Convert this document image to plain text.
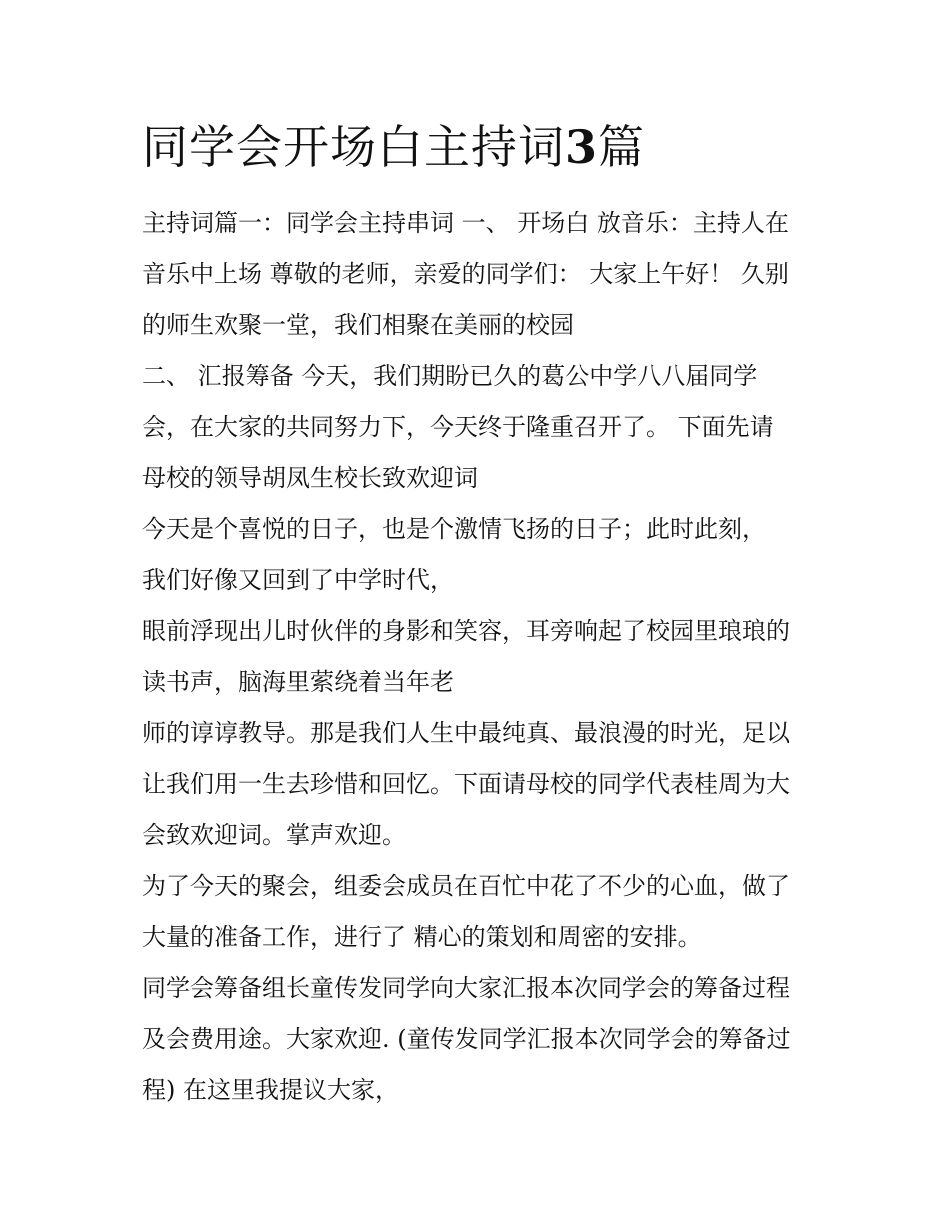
同学会开场白主持词3篇
主持词篇一：同学会主持串词 一、 开场白 放音乐：主持人在
音乐中上场 尊敬的老师，亲爱的同学们： 大家上午好！ 久别
的师生欢聚一堂，我们相聚在美丽的校园
二、 汇报筹备 今天，我们期盼已久的葛公中学八八届同学
会，在大家的共同努力下，今天终于隆重召开了。 下面先请
母校的领导胡凤生校长致欢迎词
今天是个喜悦的日子，也是个激情飞扬的日子；此时此刻，
我们好像又回到了中学时代，
眼前浮现出儿时伙伴的身影和笑容，耳旁响起了校园里琅琅的
读书声，脑海里萦绕着当年老
师的谆谆教导。那是我们人生中最纯真、最浪漫的时光，足以
让我们用一生去珍惜和回忆。下面请母校的同学代表桂周为大
会致欢迎词。掌声欢迎。
为了今天的聚会，组委会成员在百忙中花了不少的心血，做了
大量的准备工作，进行了 精心的策划和周密的安排。
同学会筹备组长童传发同学向大家汇报本次同学会的筹备过程
及会费用途。大家欢迎. (童传发同学汇报本次同学会的筹备过
程) 在这里我提议大家，
